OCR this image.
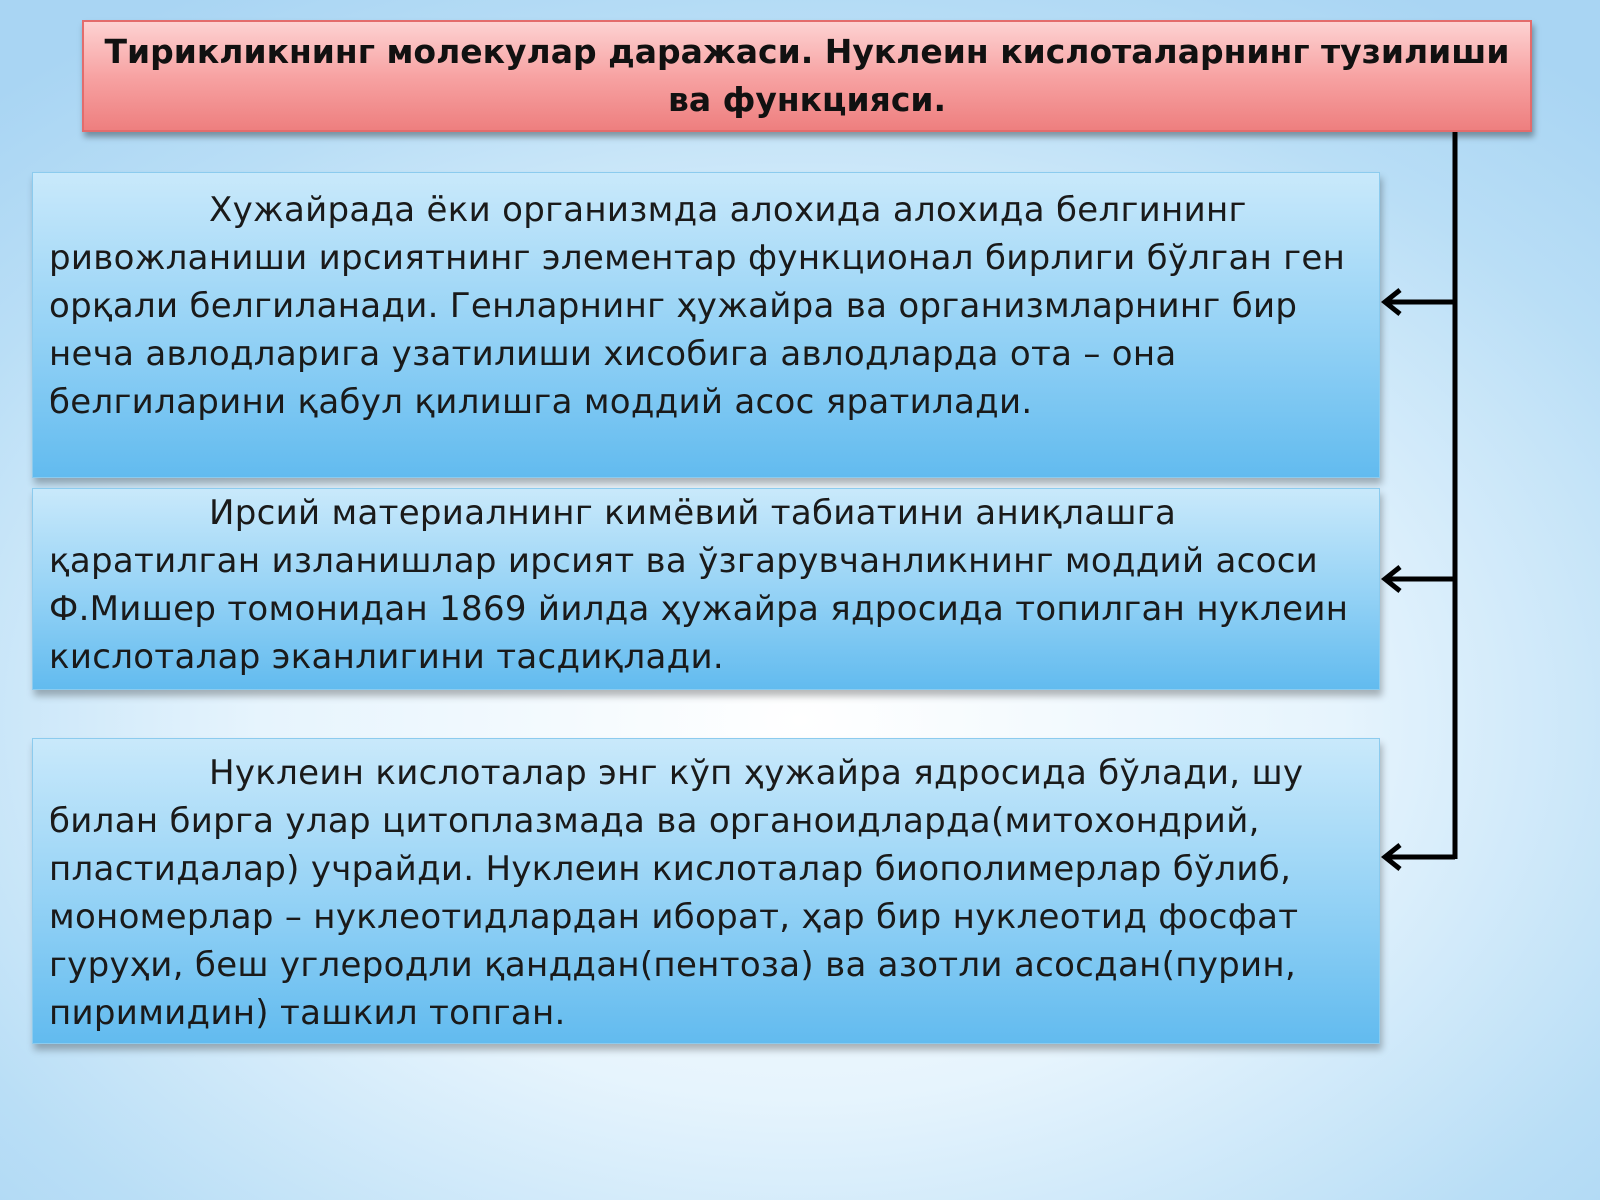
Тирикликнинг молекулар даражаси. Нуклеин кислоталарнинг тузилиши ва функцияси.

Хужайрада ёки организмда алохида алохида белгининг ривожланиши ирсиятнинг элементар функционал бирлиги бўлган ген орқали белгиланади. Генларнинг ҳужайра ва организмларнинг бир неча авлодларига узатилиши хисобига авлодларда ота – она белгиларини қабул қилишга моддий асос яратилади.

Ирсий материалнинг кимёвий табиатини аниқлашга қаратилган изланишлар ирсият ва ўзгарувчанликнинг моддий асоси Ф.Мишер томонидан 1869 йилда ҳужайра ядросида топилган нуклеин кислоталар эканлигини тасдиқлади.

Нуклеин кислоталар энг кўп ҳужайра ядросида бўлади, шу билан бирга улар цитоплазмада ва органоидларда(митохондрий, пластидалар) учрайди. Нуклеин кислоталар биополимерлар бўлиб, мономерлар – нуклеотидлардан иборат, ҳар бир нуклеотид фосфат гуруҳи, беш углеродли қанддан(пентоза) ва азотли асосдан(пурин, пиримидин) ташкил топган.
